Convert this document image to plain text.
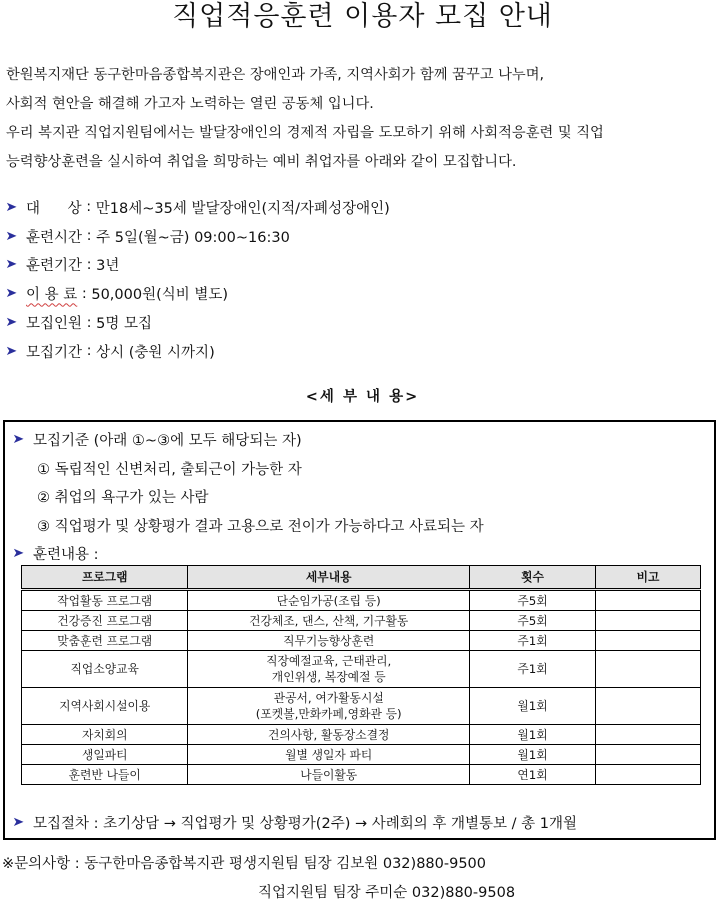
직업적응훈련 이용자 모집 안내

한원복지재단 동구한마음종합복지관은 장애인과 가족, 지역사회가 함께 꿈꾸고 나누며,

사회적 현안을 해결해 가고자 노력하는 열린 공동체 입니다.

우리 복지관 직업지원팀에서는 발달장애인의 경제적 자립을 도모하기 위해 사회적응훈련 및 직업

능력향상훈련을 실시하여 취업을 희망하는 예비 취업자를 아래와 같이 모집합니다.

➤ 대      상 : 만18세~35세 발달장애인(지적/자폐성장애인)
➤ 훈련시간 : 주 5일(월~금) 09:00~16:30
➤ 훈련기간 : 3년
➤ 이 용 료 : 50,000원(식비 별도)
➤ 모집인원 : 5명 모집
➤ 모집기간 : 상시 (충원 시까지)
<세 부 내 용>
➤ 모집기준 (아래 ①~③에 모두 해당되는 자)
① 독립적인 신변처리, 출퇴근이 가능한 자
② 취업의 욕구가 있는 사람
③ 직업평가 및 상황평가 결과 고용으로 전이가 가능하다고 사료되는 자
➤ 훈련내용 :
프로그램	세부내용	횟수	비고
작업활동 프로그램	단순임가공(조립 등)	주5회	
건강증진 프로그램	건강체조, 댄스, 산책, 기구활동	주5회	
맞춤훈련 프로그램	직무기능향상훈련	주1회	
직업소양교육	직장예절교육, 근태관리,
개인위생, 복장예절 등	주1회	
지역사회시설이용	관공서, 여가활동시설
(포켓볼,만화카페,영화관 등)	월1회	
자치회의	건의사항, 활동장소결정	월1회	
생일파티	월별 생일자 파티	월1회	
훈련반 나들이	나들이활동	연1회	
➤ 모집절차 : 초기상담 → 직업평가 및 상황평가(2주) → 사례회의 후 개별통보 / 총 1개월
※문의사항 : 동구한마음종합복지관 평생지원팀 팀장 김보원 032)880-9500
직업지원팀 팀장 주미순 032)880-9508
